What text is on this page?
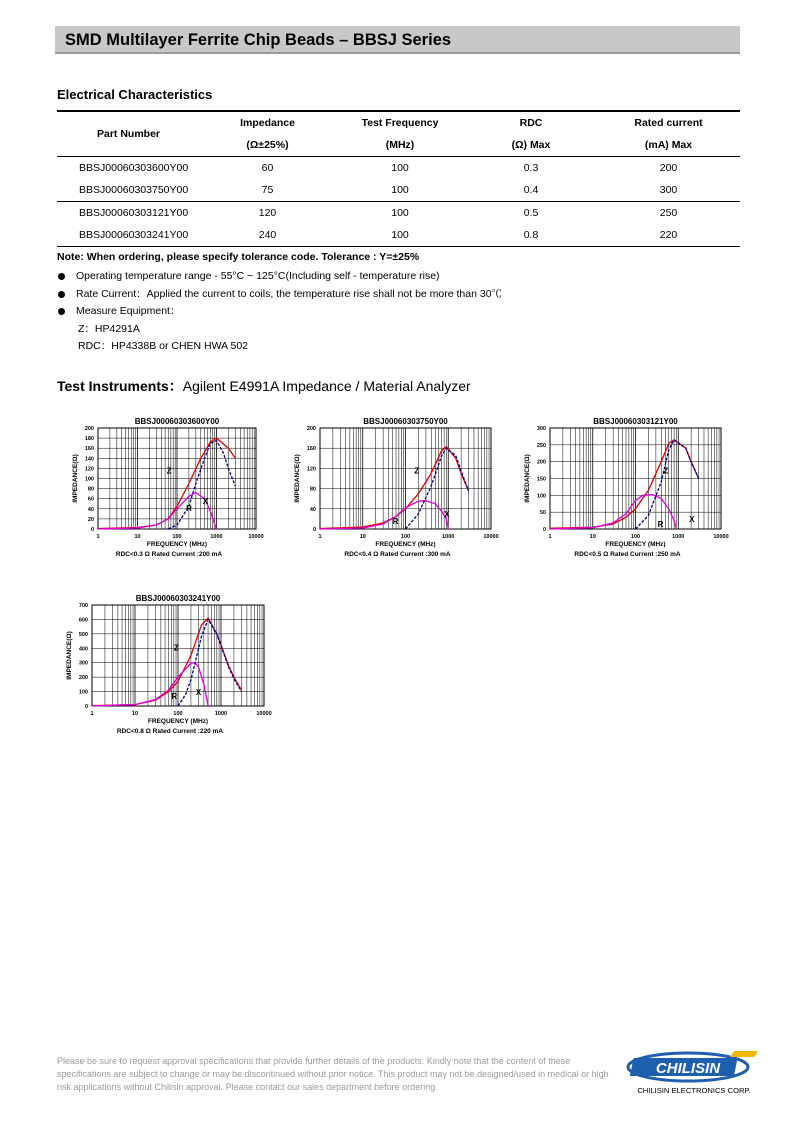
SMD Multilayer Ferrite Chip Beads – BBSJ Series
Electrical Characteristics
Part Number	Impedance	Test Frequency	RDC	Rated current
	(Ω±25%)	(MHz)	(Ω) Max	(mA) Max
BBSJ00060303600Y00	60	100	0.3	200
BBSJ00060303750Y00	75	100	0.4	300
BBSJ00060303121Y00	120	100	0.5	250
BBSJ00060303241Y00	240	100	0.8	220
Note: When ordering, please specify tolerance code. Tolerance : Y=±25%
Operating temperature range - 55°C ~ 125°C(Including self - temperature rise)
Rate Current：Applied the current to coils, the temperature rise shall not be more than 30℃
Measure Equipment：
Z：HP4291A
RDC：HP4338B or CHEN HWA 502
Test Instruments：Agilent E4991A Impedance / Material Analyzer
BBSJ00060303600Y00
0
20
40
60
80
100
120
140
160
180
200
1	10	100	1000	10000
FREQUENCY (MHz)
IMPEDANCE(Ω)
RDC<0.3 Ω Rated Current :200 mA
Z
R
X
BBSJ00060303750Y00
0
40
80
120
160
200
1	10	100	1000	10000
FREQUENCY (MHz)
IMPEDANCE(Ω)
RDC<0.4 Ω Rated Current :300 mA
Z
R
X
BBSJ00060303121Y00
0
50
100
150
200
250
300
1	10	100	1000	10000
FREQUENCY (MHz)
IMPEDANCE(Ω)
RDC<0.5 Ω Rated Current :250 mA
Z
R
X
BBSJ00060303241Y00
0
100
200
300
400
500
600
700
1	10	100	1000	10000
FREQUENCY (MHz)
IMPEDANCE(Ω)
RDC<0.8 Ω Rated Current :220 mA
Z
R X
Please be sure to request approval specifications that provide further details of the products. Kindly note that the content of these specifications are subject to change or may be discontinued without prior notice. This product may not be designed/used in medical or high risk applications without Chilisin approval. Please contact our sales department before ordering.
CHILISIN
CHILISIN ELECTRONICS CORP.
